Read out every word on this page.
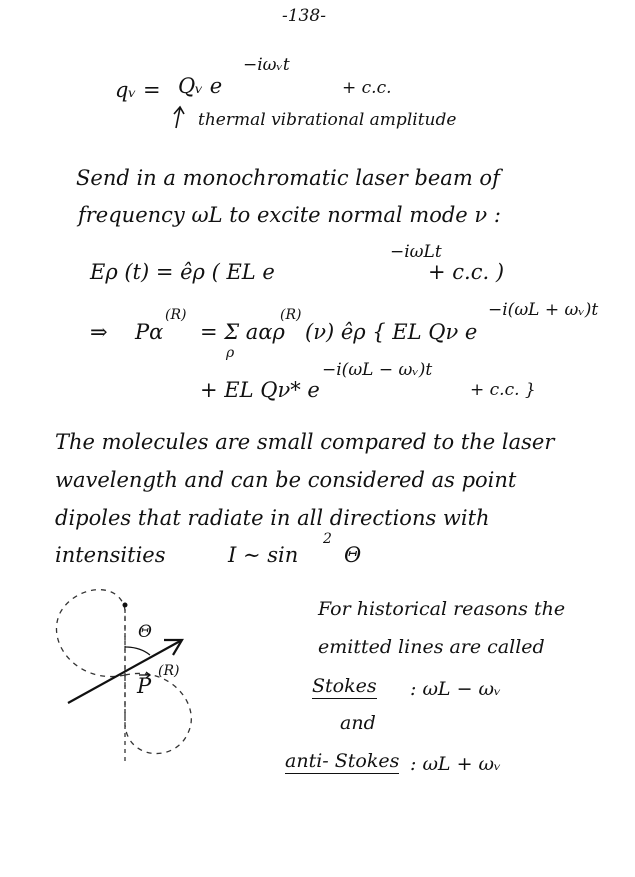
-138-
qᵥ = Qᵥ e
−iωᵥt
+ c.c.
thermal vibrational amplitude
Send in a monochromatic laser beam of
frequency ωL to excite normal mode ν :
Eρ (t) = êρ ( EL e
−iωLt
+ c.c. )
⇒ Pα
(R)
= Σ aαρ
(R)
ρ
(ν) êρ { EL Qν e
−i(ωL + ωᵥ)t
+ EL Qν* e
−i(ωL − ωᵥ)t
+ c.c. }
The molecules are small compared to the laser
wavelength and can be considered as point
dipoles that radiate in all directions with
intensities	I ∼ sin
2
Θ
Θ
P
(R)
For historical reasons the
emitted lines are called
Stokes : ωL − ωᵥ
and
anti- Stokes : ωL + ωᵥ
